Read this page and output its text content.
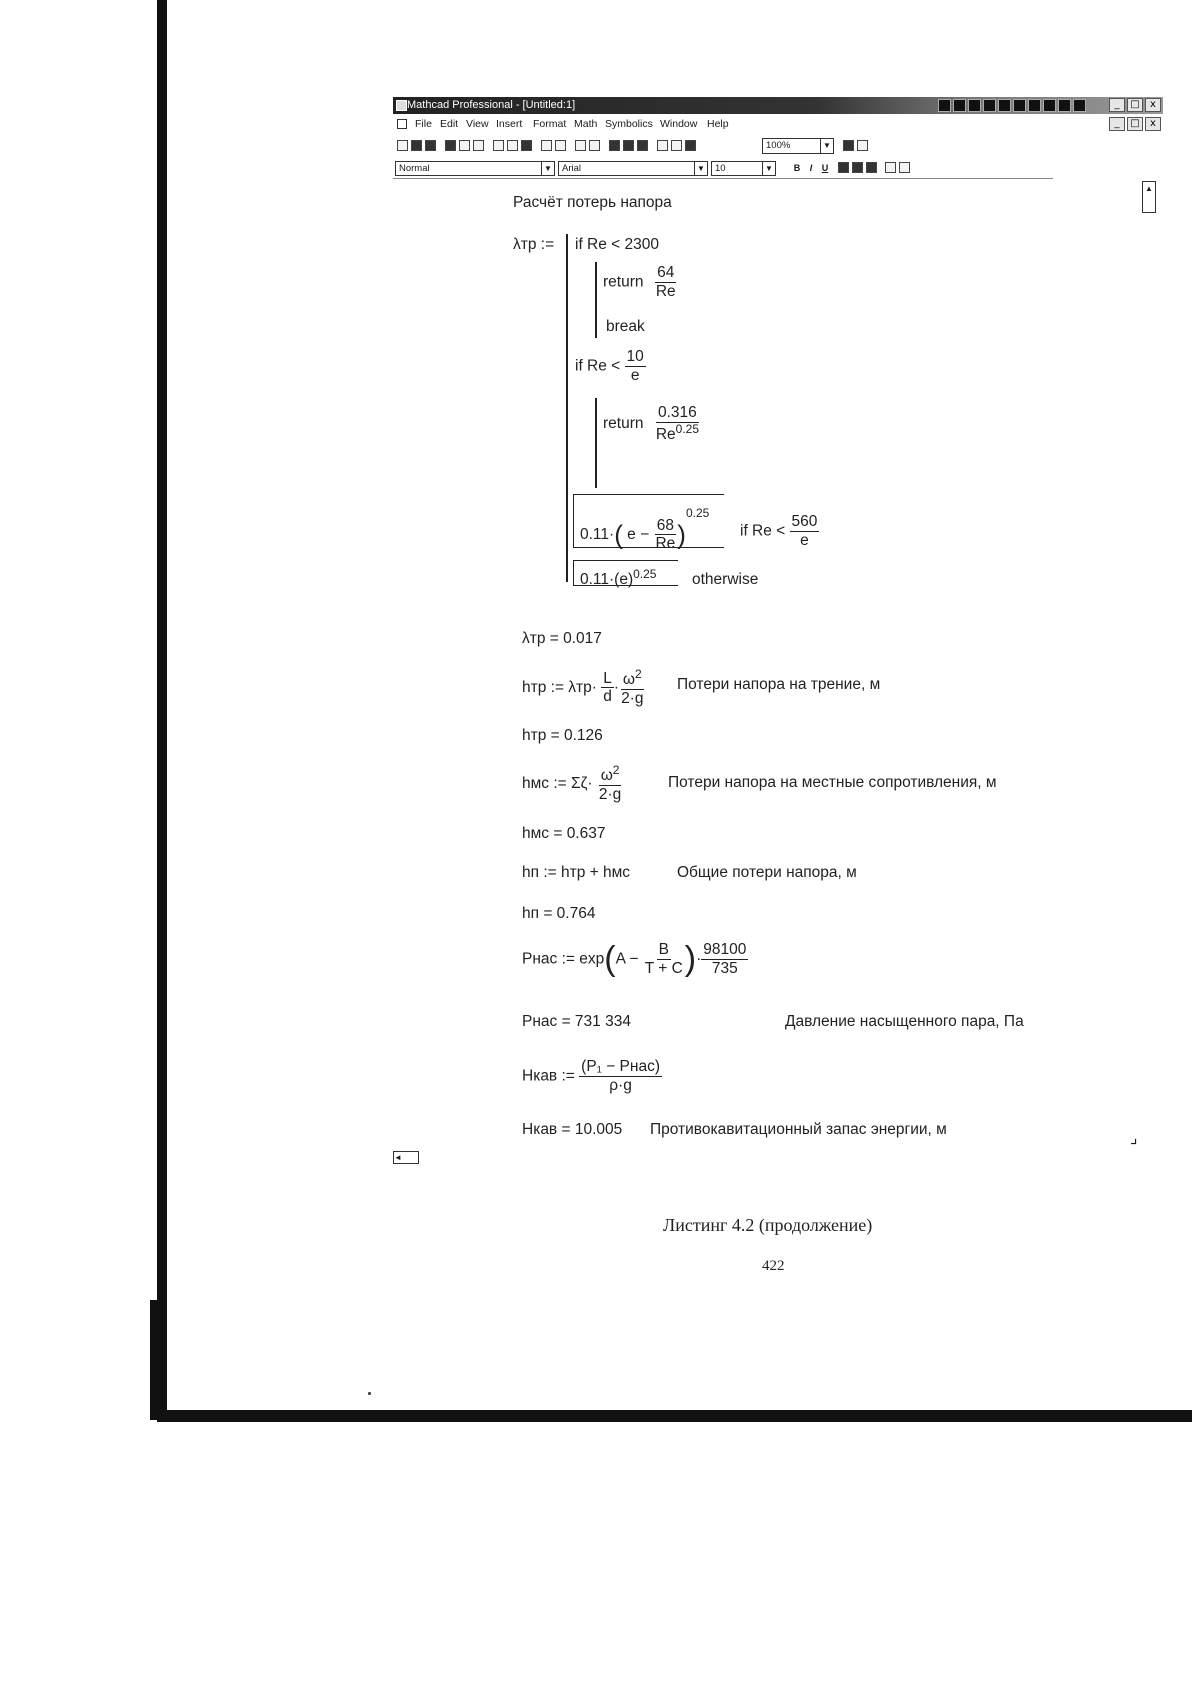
Mathcad Professional - [Untitled:1]	_	□	x
File Edit View Insert Format Math Symbolics Window Help	_	□	x
100%	▼
Normal	▼	Arial	▼	10	▼	B	I	U
▲
◄
⌟
Расчёт потерь напора
λтр := if Re < 2300
return $\frac{64}{Re}$
break
if $Re < \frac{10}{e}$
return $\frac{0.316}{Re^{0.25}}$
0.11·( $e - \frac{68}{Re} )^{0.25}$
if $Re < \frac{560}{e}$
$0.11\cdot(e)^{0.25}$ otherwise
λтр = 0.017
hтр := $\lambda тр\cdot \frac{L}{d} \cdot \frac{\omega^2}{2\cdot g}$ Потери напора на трение, м
hтр = 0.126
hмс := $\Sigma\zeta\cdot \frac{\omega^2}{2\cdot g}$	Потери напора на местные сопротивления, м
hмс = 0.637
hп := hтр + hмс	Общие потери напора, м
hп = 0.764
Рнас := $\exp(A - \frac{B}{T + C}$ )· $\frac{98100}{735}$
Рнас = 731 334	Давление насыщенного пара, Па
Hкав := $\frac{\text{(P₁ − Рнас)}}{\rho\cdot g}$
Hкав = 10.005 Противокавитационный запас энергии, м
Листинг 4.2 (продолжение)
422
